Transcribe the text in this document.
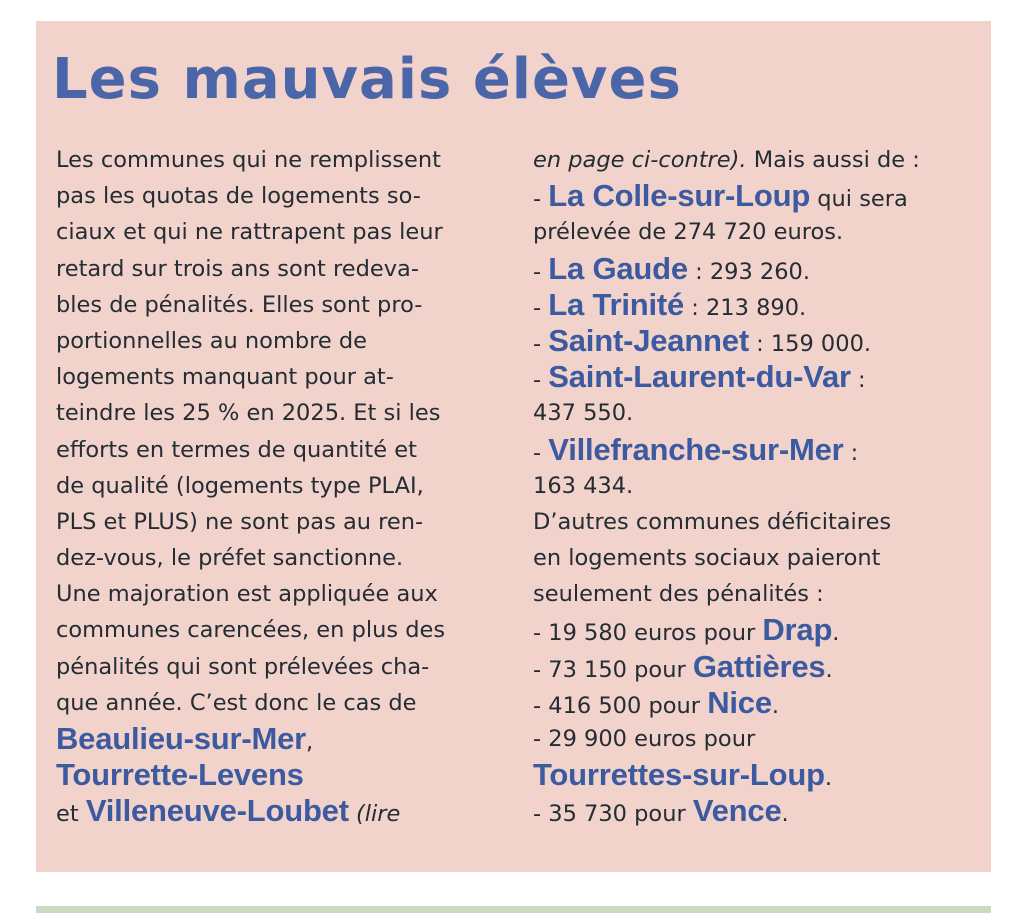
Les mauvais élèves
Les communes qui ne remplissent
pas les quotas de logements so-
ciaux et qui ne rattrapent pas leur
retard sur trois ans sont redeva-
bles de pénalités. Elles sont pro-
portionnelles au nombre de
logements manquant pour at-
teindre les 25 % en 2025. Et si les
efforts en termes de quantité et
de qualité (logements type PLAI,
PLS et PLUS) ne sont pas au ren-
dez-vous, le préfet sanctionne.
Une majoration est appliquée aux
communes carencées, en plus des
pénalités qui sont prélevées cha-
que année. C’est donc le cas de
Beaulieu-sur-Mer,
Tourrette-Levens
et Villeneuve-Loubet (lire
en page ci-contre). Mais aussi de :
- La Colle-sur-Loup qui sera
prélevée de 274 720 euros.
- La Gaude : 293 260.
- La Trinité : 213 890.
- Saint-Jeannet : 159 000.
- Saint-Laurent-du-Var :
437 550.
- Villefranche-sur-Mer :
163 434.
D’autres communes déficitaires
en logements sociaux paieront
seulement des pénalités :
- 19 580 euros pour Drap.
- 73 150 pour Gattières.
- 416 500 pour Nice.
- 29 900 euros pour
Tourrettes-sur-Loup.
- 35 730 pour Vence.
